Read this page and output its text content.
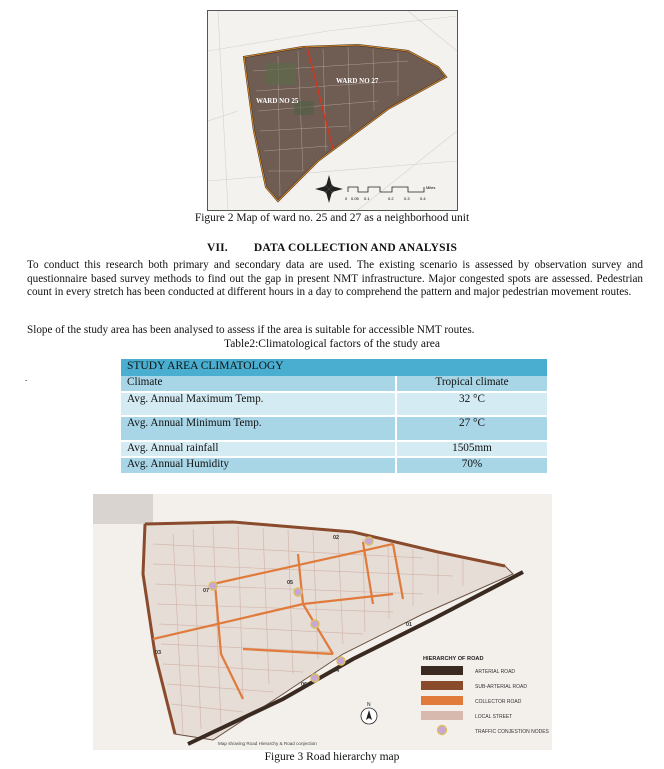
WARD NO 25
WARD NO 27
0 0.05 0.1	0.2	0.3	0.4
Miles
Figure 2 Map of ward no. 25 and 27 as a neighborhood unit
VII. DATA COLLECTION AND ANALYSIS
To conduct this research both primary and secondary data are used. The existing scenario is assessed by observation survey and questionnaire based survey methods to find out the gap in present NMT infrastructure. Major congested spots are assessed. Pedestrian count in every stretch has been conducted at different hours in a day to comprehend the pattern and major pedestrian movement routes.
Slope of the study area has been analysed to assess if the area is suitable for accessible NMT routes.
Table2:Climatological factors of the study area
.
STUDY AREA CLIMATOLOGY	
Climate	Tropical climate
Avg. Annual Maximum Temp.	32 °C
Avg. Annual Minimum Temp.	27 °C
Avg. Annual rainfall	1505mm
Avg. Annual Humidity	70%
01
02
03
04
05
06
07
N
Map showing Road Hierarchy & Road conjection
HIERARCHY OF ROAD
ARTERIAL ROAD
SUB-ARTERIAL ROAD
COLLECTOR ROAD
LOCAL STREET
TRAFFIC CONJESTION NODES
Figure 3 Road hierarchy map
